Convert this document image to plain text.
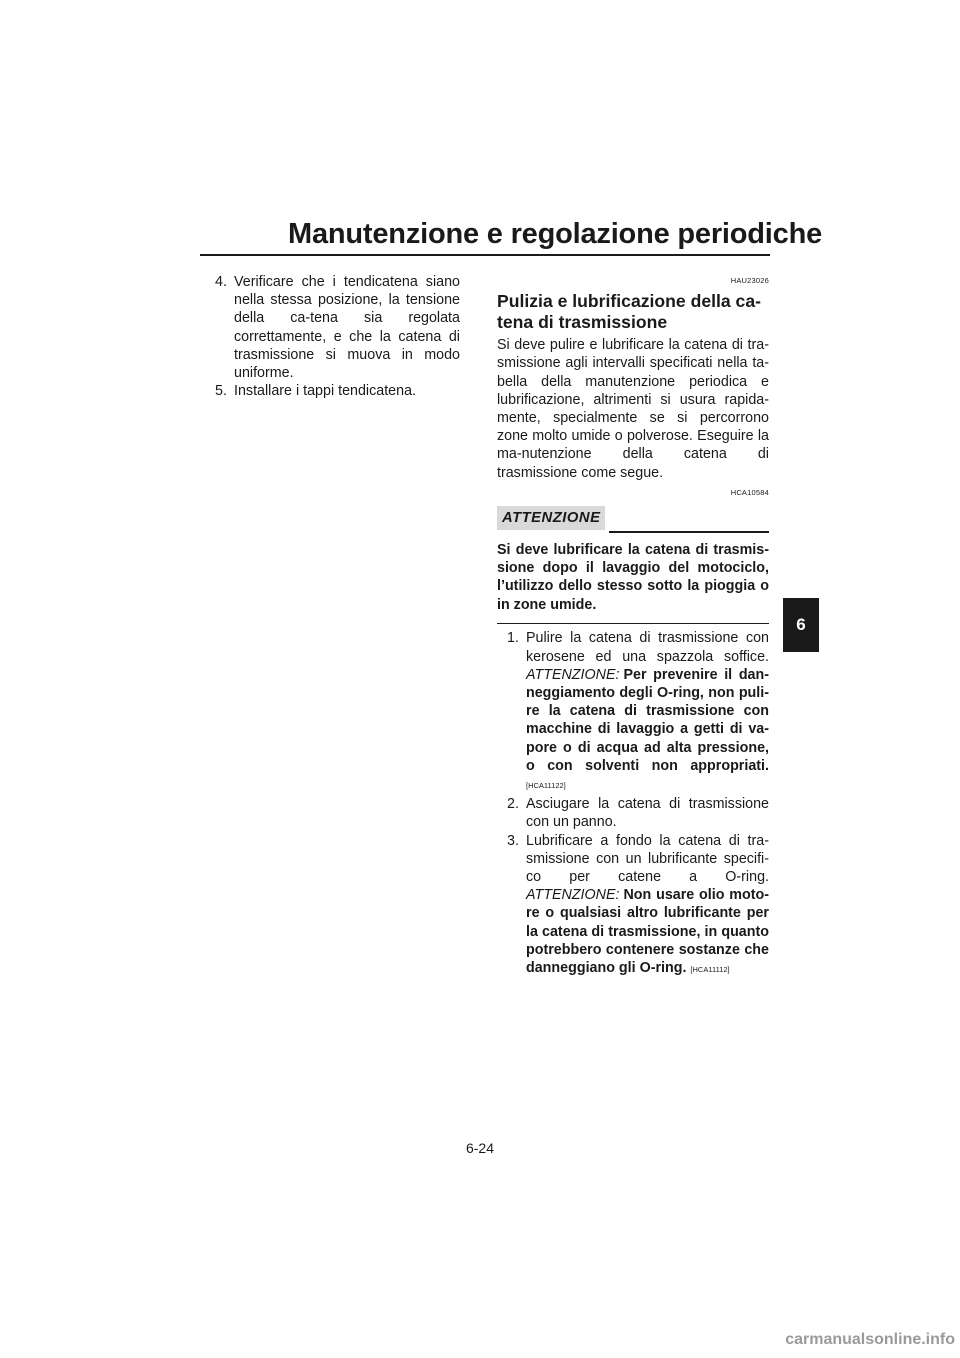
Manutenzione e regolazione periodiche
6
4. Verificare che i tendicatena siano nella stessa posizione, la tensione della ca-tena sia regolata correttamente, e che la catena di trasmissione si muova in modo uniforme.
5. Installare i tappi tendicatena.
HAU23026
Pulizia e lubrificazione della ca-tena di trasmissione
Si deve pulire e lubrificare la catena di tra-smissione agli intervalli specificati nella ta-bella della manutenzione periodica e lubrificazione, altrimenti si usura rapida-mente, specialmente se si percorrono zone molto umide o polverose. Eseguire la ma-nutenzione della catena di trasmissione come segue.
HCA10584
ATTENZIONE
Si deve lubrificare la catena di trasmis-sione dopo il lavaggio del motociclo, l’utilizzo dello stesso sotto la pioggia o in zone umide.
1. Pulire la catena di trasmissione con kerosene ed una spazzola soffice. ATTENZIONE: Per prevenire il dan-neggiamento degli O-ring, non puli-re la catena di trasmissione con macchine di lavaggio a getti di va-pore o di acqua ad alta pressione, o con solventi non appropriati. [HCA11122]
2. Asciugare la catena di trasmissione con un panno.
3. Lubrificare a fondo la catena di tra-smissione con un lubrificante specifi-co per catene a O-ring. ATTENZIONE: Non usare olio moto-re o qualsiasi altro lubrificante per la catena di trasmissione, in quanto potrebbero contenere sostanze che danneggiano gli O-ring. [HCA11112]
6-24
carmanualsonline.info
